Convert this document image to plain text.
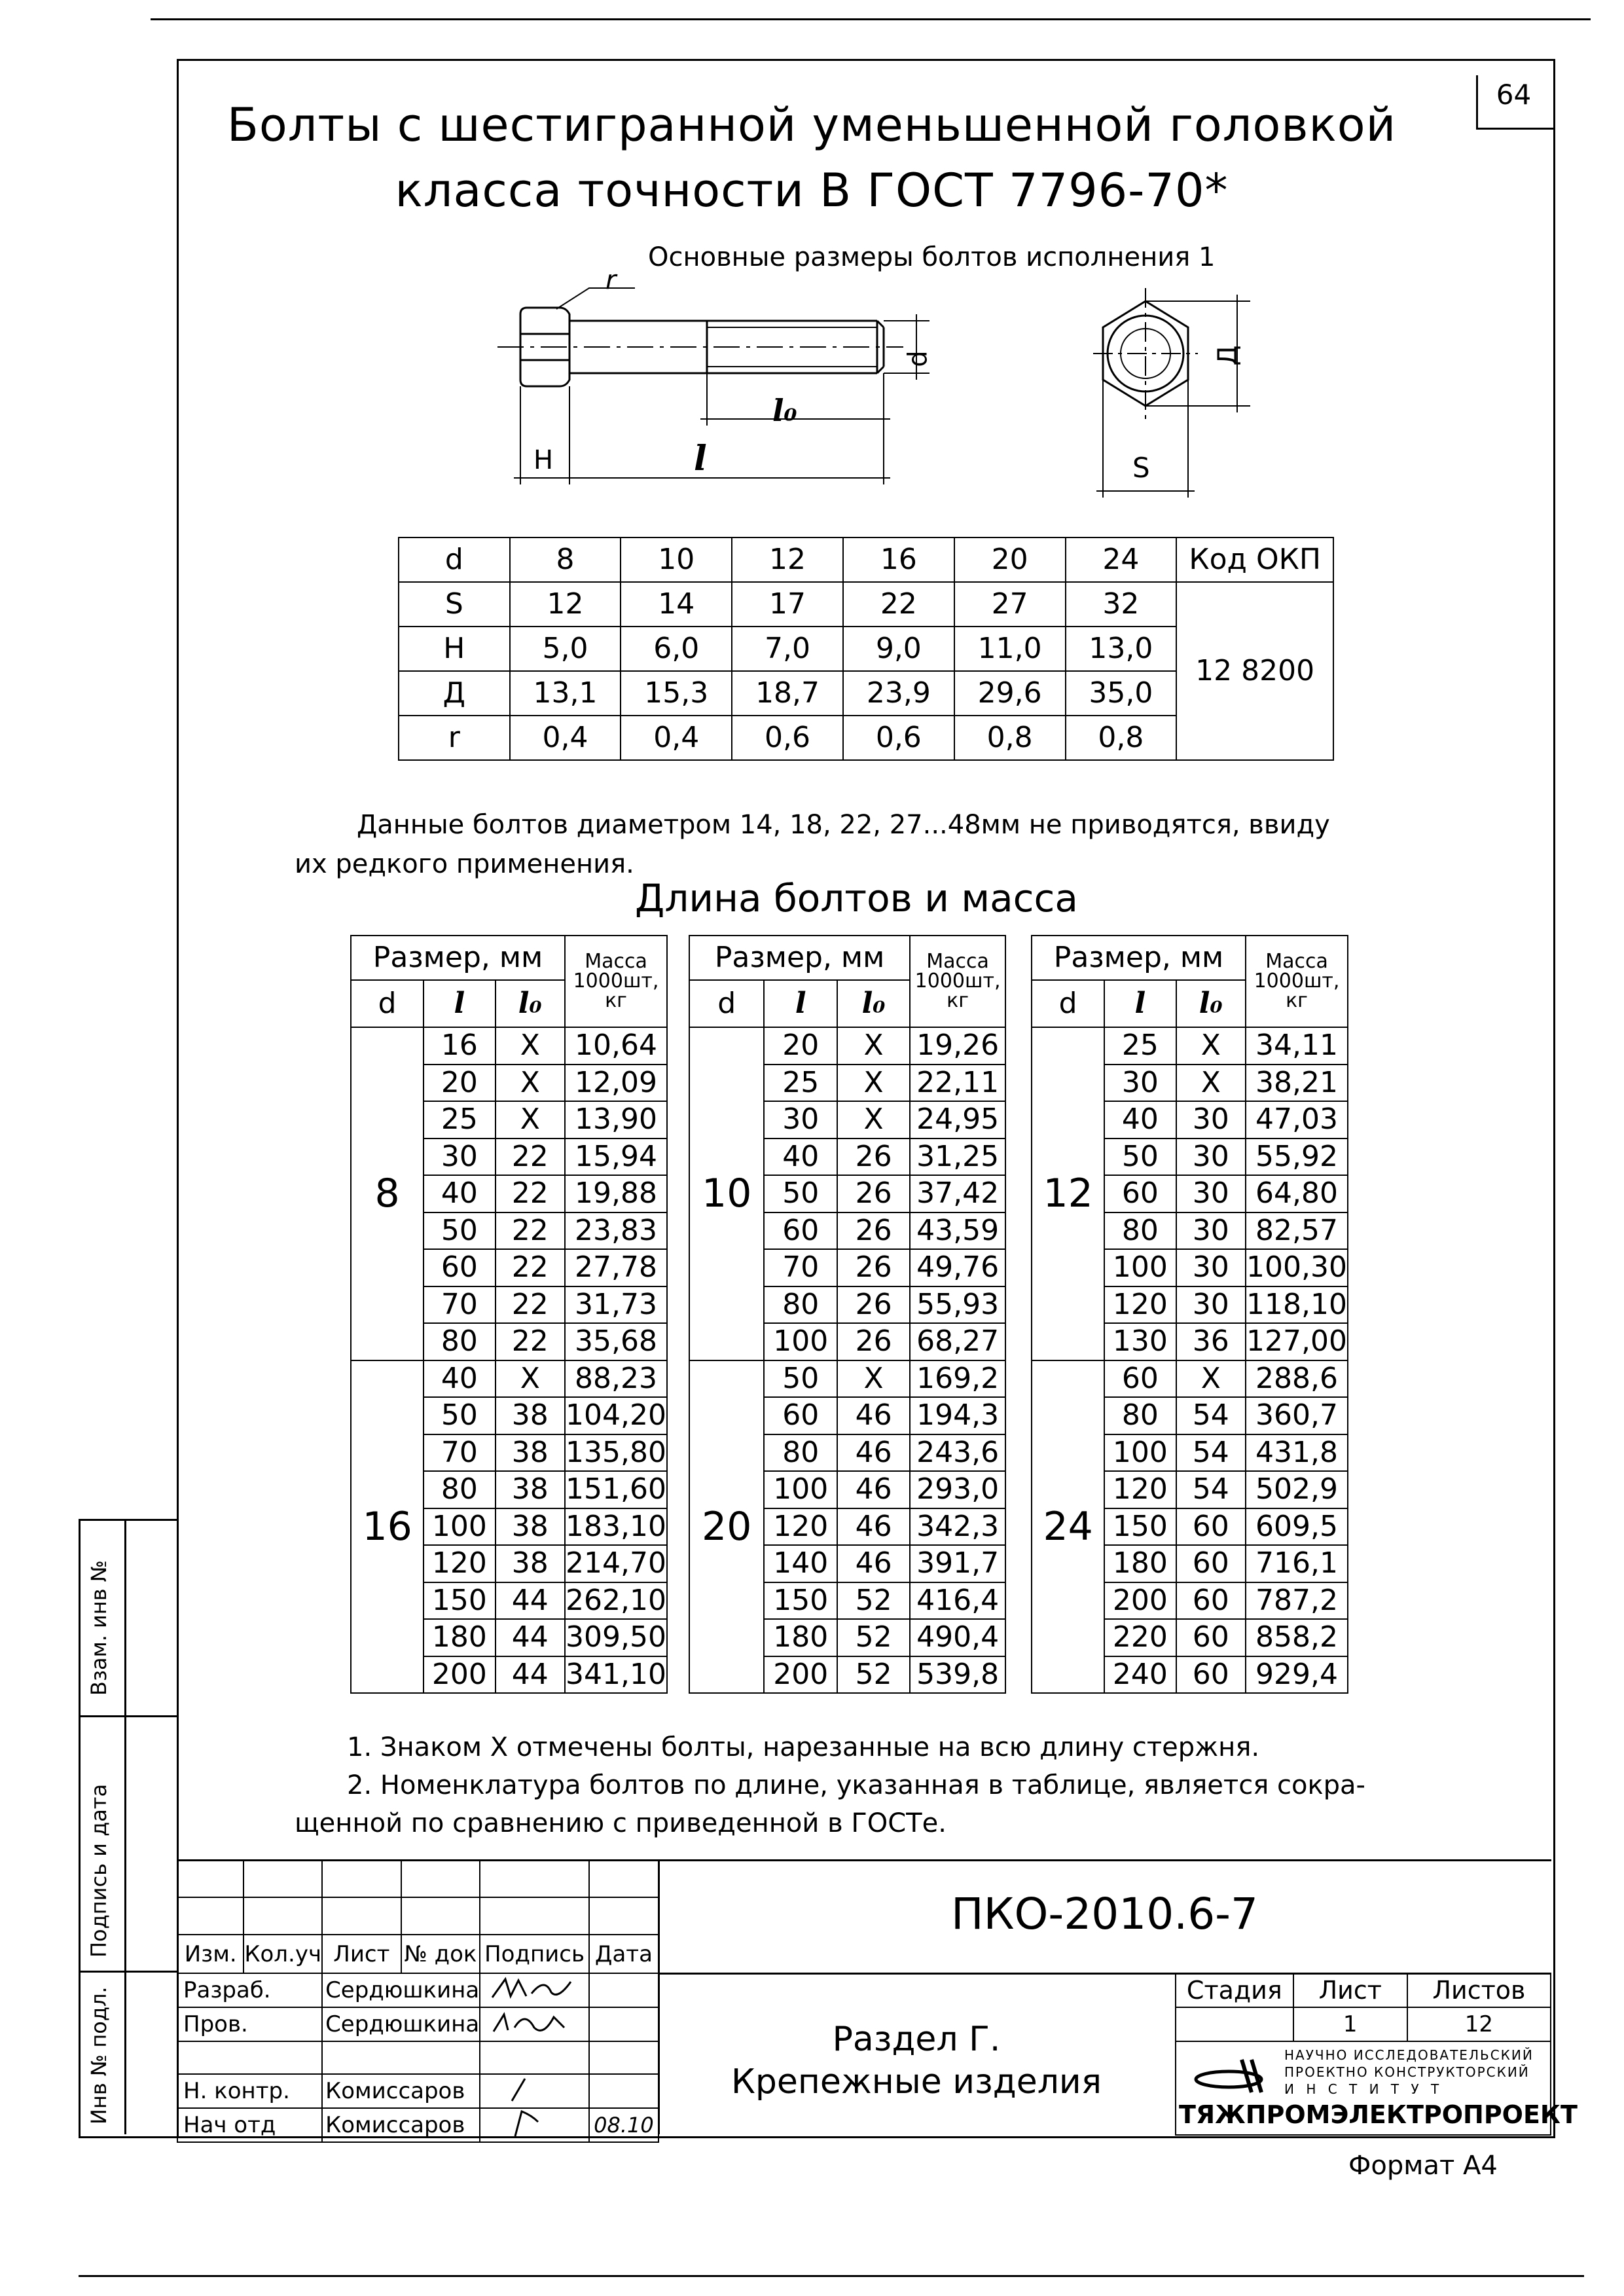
64
Болты с шестигранной уменьшенной головкой
класса точности В ГОСТ 7796-70*
Основные размеры болтов исполнения 1
r
d
l₀
H	l
Д
S
d	8	10	12	16	20	24	Код ОКП
S	12	14	17	22	27	32	12 8200
H	5,0	6,0	7,0	9,0	11,0	13,0	
Д	13,1	15,3	18,7	23,9	29,6	35,0	
r	0,4	0,4	0,6	0,6	0,8	0,8	
Данные болтов диаметром 14, 18, 22, 27...48мм не приводятся, ввиду
их редкого применения.
Длина болтов и масса
Размер, мм			Масса 1000шт, кг
d	l	l₀	
8	16	X	10,64
	20	X	12,09
	25	X	13,90
	30	22	15,94
	40	22	19,88
	50	22	23,83
	60	22	27,78
	70	22	31,73
	80	22	35,68
16	40	X	88,23
	50	38	104,20
	70	38	135,80
	80	38	151,60
	100	38	183,10
	120	38	214,70
	150	44	262,10
	180	44	309,50
	200	44	341,10
Размер, мм			Масса 1000шт, кг
d	l	l₀	
10	20	X	19,26
	25	X	22,11
	30	X	24,95
	40	26	31,25
	50	26	37,42
	60	26	43,59
	70	26	49,76
	80	26	55,93
	100	26	68,27
20	50	X	169,2
	60	46	194,3
	80	46	243,6
	100	46	293,0
	120	46	342,3
	140	46	391,7
	150	52	416,4
	180	52	490,4
	200	52	539,8
Размер, мм			Масса 1000шт, кг
d	l	l₀	
12	25	X	34,11
	30	X	38,21
	40	30	47,03
	50	30	55,92
	60	30	64,80
	80	30	82,57
	100	30	100,30
	120	30	118,10
	130	36	127,00
24	60	X	288,6
	80	54	360,7
	100	54	431,8
	120	54	502,9
	150	60	609,5
	180	60	716,1
	200	60	787,2
	220	60	858,2
	240	60	929,4
1. Знаком X отмечены болты, нарезанные на всю длину стержня.
2. Номенклатура болтов по длине, указанная в таблице, является сокра-
щенной по сравнению с приведенной в ГОСТе.
Взам. инв №
Подпись и дата
Инв № подл.
ПКО-2010.6-7

Изм.	Кол.уч	Лист	№ док	Подпись	Дата
Разраб.		Сердюшкина		
Пров.		Сердюшкина		

Н. контр.		Комиссаров		
Нач отд		Комиссаров			08.10
Раздел Г.
Крепежные изделия
Стадия	Лист	Листов
	1	12

НАУЧНО ИССЛЕДОВАТЕЛЬСКИЙ
ПРОЕКТНО КОНСТРУКТОРСКИЙ
И Н С Т И Т У Т
ТЯЖПРОМЭЛЕКТРОПРОЕКТ		
Формат А4
